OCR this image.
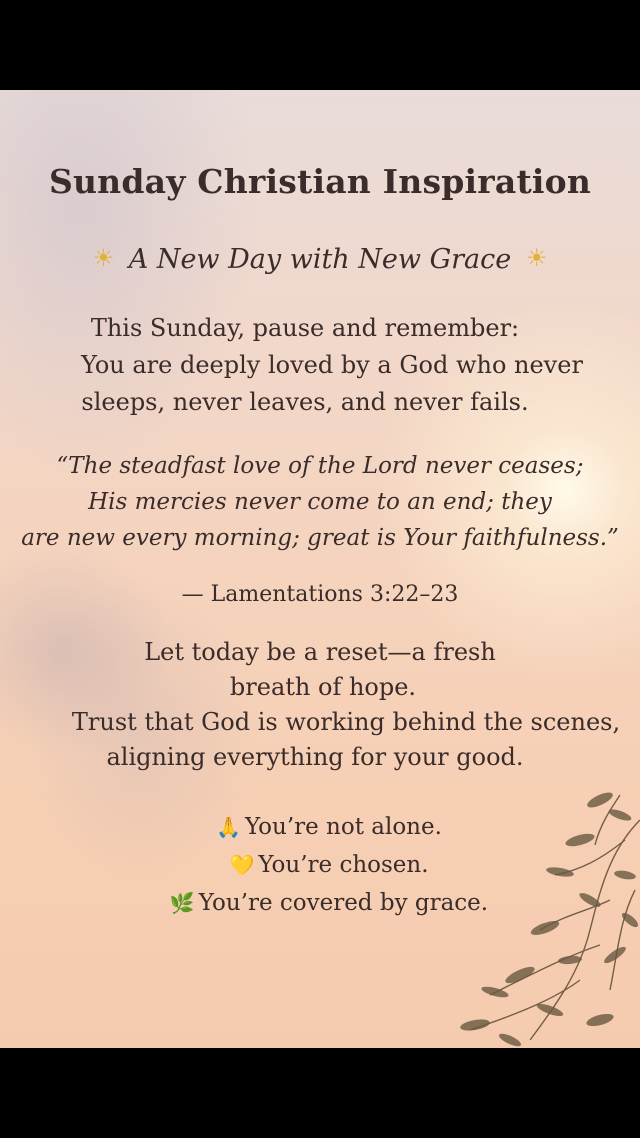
Sunday Christian Inspiration
☀ A New Day with New Grace ☀
This Sunday, pause and remember:
You are deeply loved by a God who never
sleeps, never leaves, and never fails.
“The steadfast love of the Lord never ceases;
His mercies never come to an end; they
are new every morning; great is Your faithfulness.”
— Lamentations 3:22–23
Let today be a reset—a fresh
breath of hope.
Trust that God is working behind the scenes,
aligning everything for your good.
🙏 You’re not alone.
💛 You’re chosen.
🌿 You’re covered by grace.
